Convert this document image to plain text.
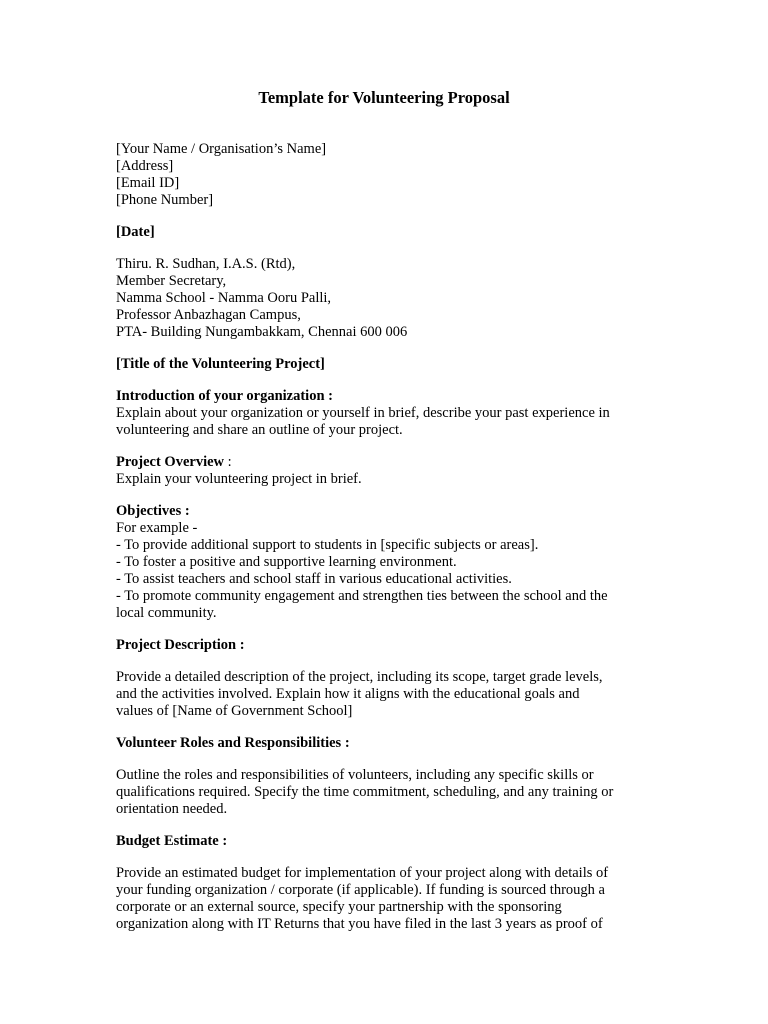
Template for Volunteering Proposal
[Your Name / Organisation’s Name]
[Address]
[Email ID]
[Phone Number]
[Date]
Thiru. R. Sudhan, I.A.S. (Rtd),
Member Secretary,
Namma School - Namma Ooru Palli,
Professor Anbazhagan Campus,
PTA- Building Nungambakkam, Chennai 600 006
[Title of the Volunteering Project]
Introduction of your organization :
Explain about your organization or yourself in brief, describe your past experience in
volunteering and share an outline of your project.
Project Overview :
Explain your volunteering project in brief.
Objectives :
For example -
- To provide additional support to students in [specific subjects or areas].
- To foster a positive and supportive learning environment.
- To assist teachers and school staff in various educational activities.
- To promote community engagement and strengthen ties between the school and the
local community.
Project Description :
Provide a detailed description of the project, including its scope, target grade levels,
and the activities involved. Explain how it aligns with the educational goals and
values of [Name of Government School]
Volunteer Roles and Responsibilities :
Outline the roles and responsibilities of volunteers, including any specific skills or
qualifications required. Specify the time commitment, scheduling, and any training or
orientation needed.
Budget Estimate :
Provide an estimated budget for implementation of your project along with details of
your funding organization / corporate (if applicable). If funding is sourced through a
corporate or an external source, specify your partnership with the sponsoring
organization along with IT Returns that you have filed in the last 3 years as proof of
